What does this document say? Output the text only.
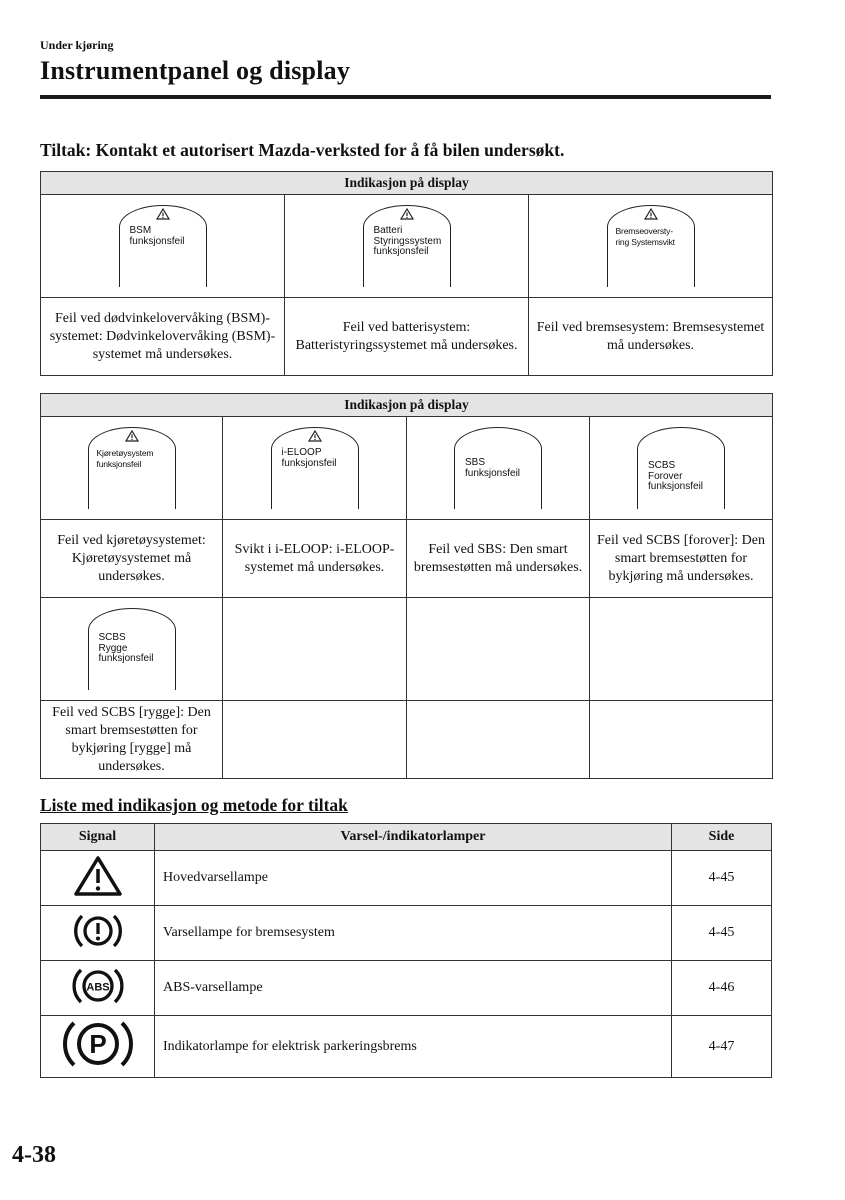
Under kjøring
Instrumentpanel og display
Tiltak: Kontakt et autorisert Mazda-verksted for å få bilen undersøkt.
Indikasjon på display		

BSM
funksjonsfeil	Batteri
Styringssystem
funksjonsfeil	Bremseoversty-
ring Systemsvikt

Feil ved dødvinkelovervåking (BSM)-systemet: Dødvinkelovervåking (BSM)-systemet må undersøkes.	Feil ved batterisystem: Batteristyringssystemet må undersøkes.	Feil ved bremsesystem: Bremsesystemet må undersøkes.
Indikasjon på display			

Kjøretøysystem
funksjonsfeil	i-ELOOP
funksjonsfeil	SBS
funksjonsfeil	SCBS
Forover
funksjonsfeil

Feil ved kjøretøysystemet: Kjøretøysystemet må undersøkes.	Svikt i i-ELOOP: i-ELOOP-systemet må undersøkes.	Feil ved SBS: Den smart bremsestøtten må undersøkes.	Feil ved SCBS [forover]: Den smart bremsestøtten for bykjøring må undersøkes.

SCBS
Rygge
funksjonsfeil			

Feil ved SCBS [rygge]: Den smart bremsestøtten for bykjøring [rygge] må undersøkes.			
Liste med indikasjon og metode for tiltak
Signal	Varsel-/indikatorlamper	Side
	Hovedvarsellampe	4-45
	Varsellampe for bremsesystem	4-45

ABS	ABS-varsellampe	4-46

P	Indikatorlampe for elektrisk parkeringsbrems	4-47
4-38
